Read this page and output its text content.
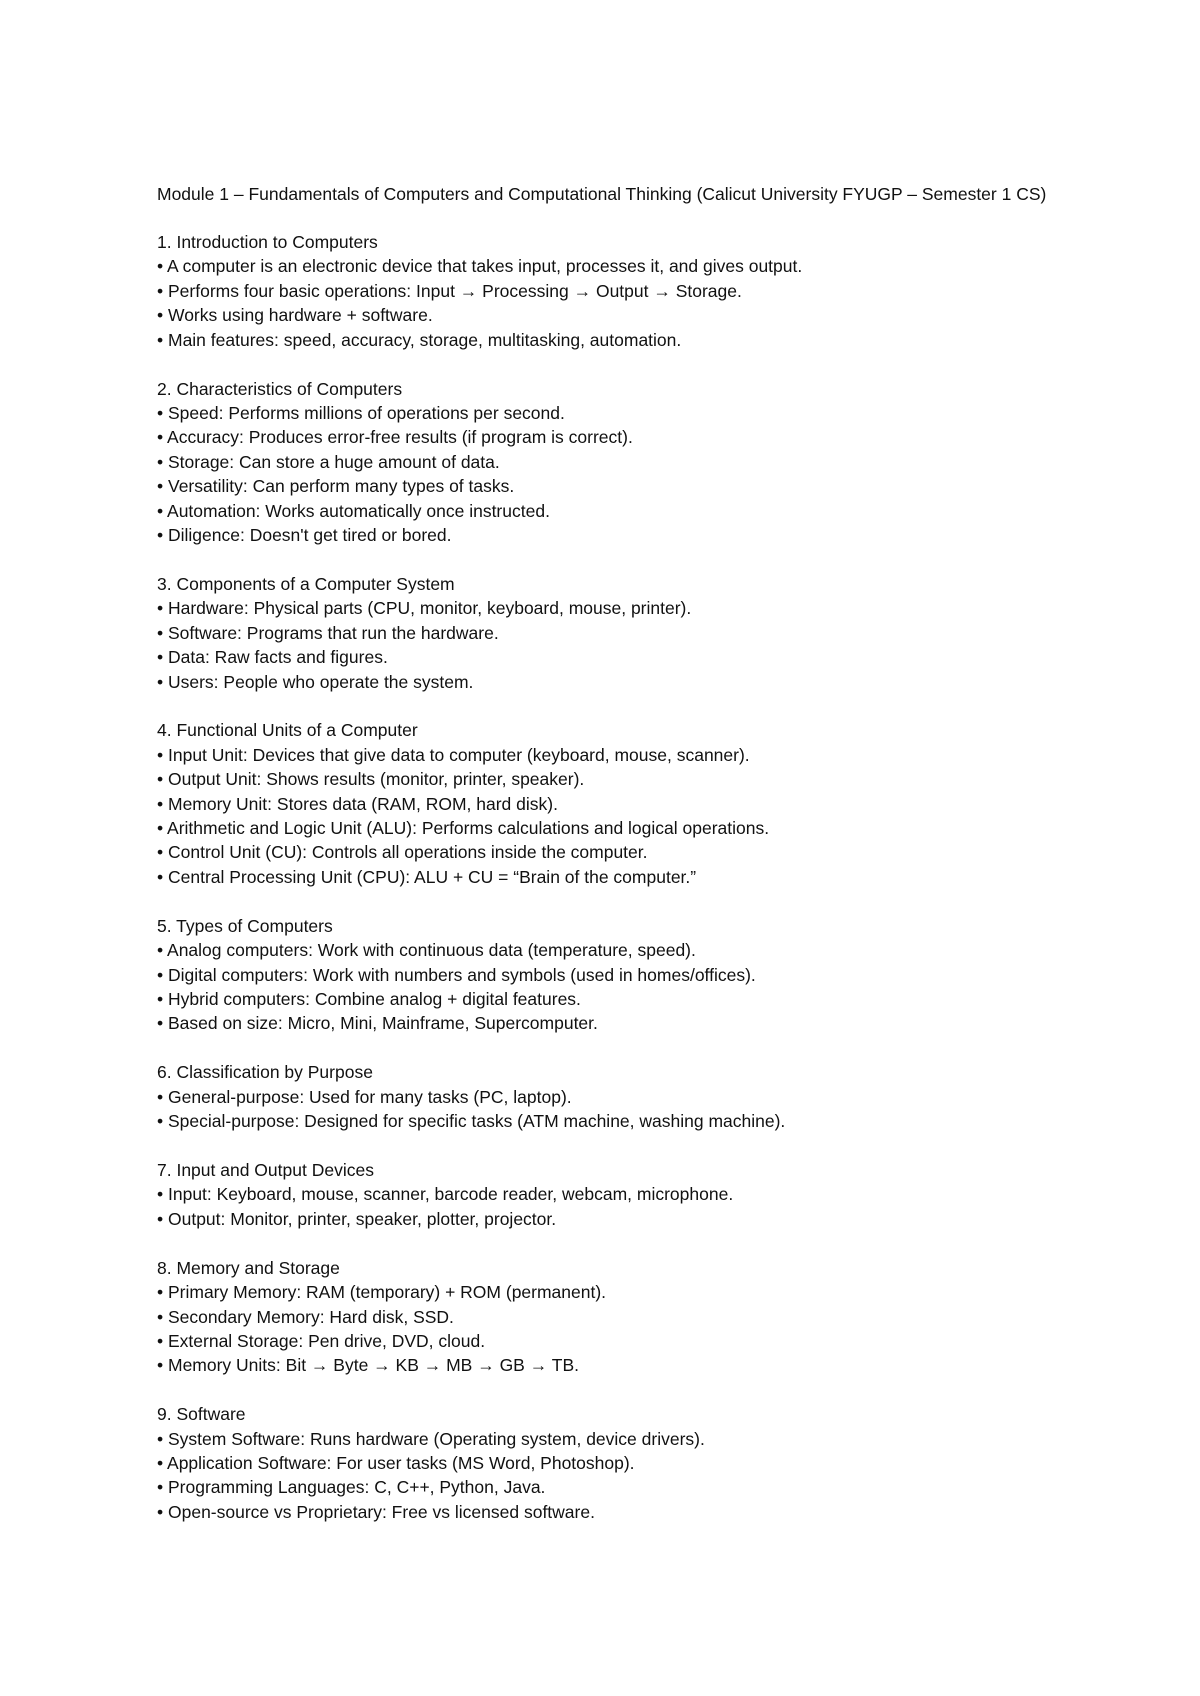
Module 1 – Fundamentals of Computers and Computational Thinking (Calicut University FYUGP – Semester 1 CS)
1. Introduction to Computers
• A computer is an electronic device that takes input, processes it, and gives output.
• Performs four basic operations: Input → Processing → Output → Storage.
• Works using hardware + software.
• Main features: speed, accuracy, storage, multitasking, automation.
2. Characteristics of Computers
• Speed: Performs millions of operations per second.
• Accuracy: Produces error-free results (if program is correct).
• Storage: Can store a huge amount of data.
• Versatility: Can perform many types of tasks.
• Automation: Works automatically once instructed.
• Diligence: Doesn't get tired or bored.
3. Components of a Computer System
• Hardware: Physical parts (CPU, monitor, keyboard, mouse, printer).
• Software: Programs that run the hardware.
• Data: Raw facts and figures.
• Users: People who operate the system.
4. Functional Units of a Computer
• Input Unit: Devices that give data to computer (keyboard, mouse, scanner).
• Output Unit: Shows results (monitor, printer, speaker).
• Memory Unit: Stores data (RAM, ROM, hard disk).
• Arithmetic and Logic Unit (ALU): Performs calculations and logical operations.
• Control Unit (CU): Controls all operations inside the computer.
• Central Processing Unit (CPU): ALU + CU = “Brain of the computer.”
5. Types of Computers
• Analog computers: Work with continuous data (temperature, speed).
• Digital computers: Work with numbers and symbols (used in homes/offices).
• Hybrid computers: Combine analog + digital features.
• Based on size: Micro, Mini, Mainframe, Supercomputer.
6. Classification by Purpose
• General-purpose: Used for many tasks (PC, laptop).
• Special-purpose: Designed for specific tasks (ATM machine, washing machine).
7. Input and Output Devices
• Input: Keyboard, mouse, scanner, barcode reader, webcam, microphone.
• Output: Monitor, printer, speaker, plotter, projector.
8. Memory and Storage
• Primary Memory: RAM (temporary) + ROM (permanent).
• Secondary Memory: Hard disk, SSD.
• External Storage: Pen drive, DVD, cloud.
• Memory Units: Bit → Byte → KB → MB → GB → TB.
9. Software
• System Software: Runs hardware (Operating system, device drivers).
• Application Software: For user tasks (MS Word, Photoshop).
• Programming Languages: C, C++, Python, Java.
• Open-source vs Proprietary: Free vs licensed software.
